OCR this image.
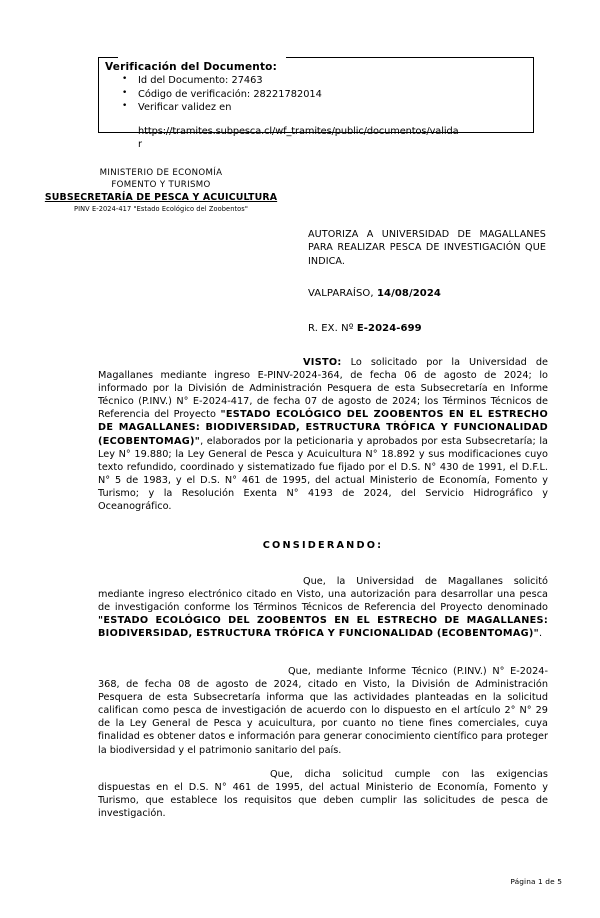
Verificación del Documento:
• Id del Documento: 27463
• Código de verificación: 28221782014
• Verificar validez en
https://tramites.subpesca.cl/wf_tramites/public/documentos/valida
r
MINISTERIO DE ECONOMÍA
FOMENTO Y TURISMO
SUBSECRETARÍA DE PESCA Y ACUICULTURA
PINV E-2024-417 "Estado Ecológico del Zoobentos"
AUTORIZA A UNIVERSIDAD DE MAGALLANES PARA REALIZAR PESCA DE INVESTIGACIÓN QUE INDICA.
VALPARAÍSO, 14/08/2024
R. EX. Nº E-2024-699

VISTO: Lo solicitado por la Universidad de Magallanes mediante ingreso E-PINV-2024-364, de fecha 06 de agosto de 2024; lo informado por la División de Administración Pesquera de esta Subsecretaría en Informe Técnico (P.INV.) N° E-2024-417, de fecha 07 de agosto de 2024; los Términos Técnicos de Referencia del Proyecto "ESTADO ECOLÓGICO DEL ZOOBENTOS EN EL ESTRECHO DE MAGALLANES: BIODIVERSIDAD, ESTRUCTURA TRÓFICA Y FUNCIONALIDAD (ECOBENTOMAG)", elaborados por la peticionaria y aprobados por esta Subsecretaría; la Ley N° 19.880; la Ley General de Pesca y Acuicultura N° 18.892 y sus modificaciones cuyo texto refundido, coordinado y sistematizado fue fijado por el D.S. N° 430 de 1991, el D.F.L. N° 5 de 1983, y el D.S. N° 461 de 1995, del actual Ministerio de Economía, Fomento y Turismo; y la Resolución Exenta N° 4193 de 2024, del Servicio Hidrográfico y Oceanográfico.

CONSIDERANDO:

Que, la Universidad de Magallanes solicitó mediante ingreso electrónico citado en Visto, una autorización para desarrollar una pesca de investigación conforme los Términos Técnicos de Referencia del Proyecto denominado "ESTADO ECOLÓGICO DEL ZOOBENTOS EN EL ESTRECHO DE MAGALLANES: BIODIVERSIDAD, ESTRUCTURA TRÓFICA Y FUNCIONALIDAD (ECOBENTOMAG)".

Que, mediante Informe Técnico (P.INV.) N° E-2024-368, de fecha 08 de agosto de 2024, citado en Visto, la División de Administración Pesquera de esta Subsecretaría informa que las actividades planteadas en la solicitud califican como pesca de investigación de acuerdo con lo dispuesto en el artículo 2° N° 29 de la Ley General de Pesca y acuicultura, por cuanto no tiene fines comerciales, cuya finalidad es obtener datos e información para generar conocimiento científico para proteger la biodiversidad y el patrimonio sanitario del país.

Que, dicha solicitud cumple con las exigencias dispuestas en el D.S. N° 461 de 1995, del actual Ministerio de Economía, Fomento y Turismo, que establece los requisitos que deben cumplir las solicitudes de pesca de investigación.

Página 1 de 5
